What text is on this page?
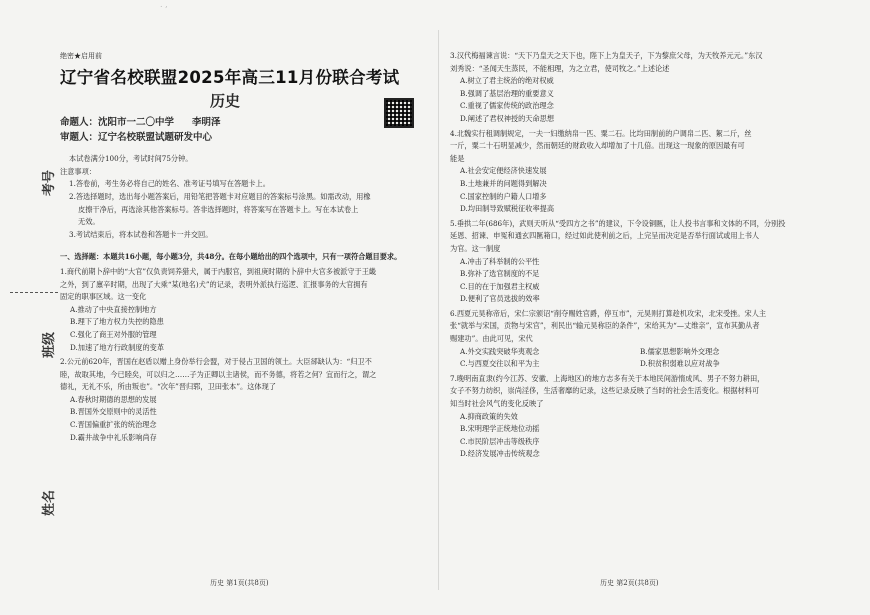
. ,
考号
班级
姓名
绝密★启用前
辽宁省名校联盟2025年高三11月份联合考试
历史
命题人：沈阳市一二〇中学 李明泽
审题人：辽宁名校联盟试题研发中心

本试卷满分100分，考试时间75分钟。

注意事项：

1.答卷前，考生务必将自己的姓名、准考证号填写在答题卡上。

2.答选择题时，选出每小题答案后，用铅笔把答题卡对应题目的答案标号涂黑。如需改动，用橡

皮擦干净后，再选涂其他答案标号。答非选择题时，将答案写在答题卡上。写在本试卷上

无效。

3.考试结束后，将本试卷和答题卡一并交回。

一、选择题：本题共16小题，每小题3分，共48分。在每小题给出的四个选项中，只有一项符合题目要求。

1.商代前期卜辞中的“大官”仅负责饲养猎犬，属于内服官，到祖庚时期的卜辞中大官多被派守于王畿

之外，到了廪辛时期，出现了大乘“某(地名)犬”的记录，表明外派执行巡逻、汇报事务的大官拥有

固定的职事区域。这一变化

A.推动了中央直接控制地方

B.理下了地方权力失控的隐患

C.强化了商王对外服的管理

D.加速了地方行政制度的变革

2.公元前620年，晋国在赵盾以赠上身份举行会盟，对于侵占卫国的领土。大臣郤缺认为：“归卫不

睦，故取其地，今已睦矣，可以归之……子为正卿以主诸侯，而不务德，将若之何？宜而行之，谓之

德礼，无礼不乐，所由叛也”。“次年”晋归郓，卫田张本”。这体现了

A.春秋时期德的思想的发展

B.晋国外交原则中的灵活性

C.晋国偏重扩张的统治理念

D.霸井战争中礼乐影响尚存

历史 第1页(共8页)

3.汉代梅福谏言说：“天下乃皇天之天下也，陛下上为皇天子，下为黎庶父母，为天牧养元元。”东汉

刘秀说：“圣闻天生蒸民，不能相理，为之立君，使司牧之。”上述论述

A.树立了君主统治的绝对权威

B.强调了基层治理的重要意义

C.重视了儒家传统的政治理念

D.阐述了君权神授的天命思想

4.北魏实行租调制规定，一夫一妇缴纳帛一匹、粟二石。比均田制前的户调帛二匹、絮二斤，丝

一斤，粟二十石明显减少，然而朝廷的财政收入却增加了十几倍。出现这一现象的原因最有可

能是

A.社会安定便经济快速发展

B.土地兼并的问题得到解决

C.国家控制的户籍人口增多

D.均田制导致赋税征收率提高

5.垂拱二年(686年)，武则天听从“受四方之书”的建议，下令设铜匦，让人投书言事和文体的不同，分别投

延恩、招谏、申冤和通玄四匦箱口，经过如此使利前之后，上完呈而决定是否举行面试或用上书人

为官。这一制度

A.冲击了科举制的公平性

B.弥补了选官制度的不足

C.目的在于加强君主权威

D.便利了官员选拔的效率

6.西夏元昊称帝后，宋仁宗颁诏“削夺赐姓官爵，停互市”，元昊则打算趁机攻宋，北宋受挫。宋人主

张“就举与宋国，贡物与宋官”，利民出“输元昊称臣的条件”，宋给其为“—丈维亲”，宣布其勤从者

赐建功”。由此可见，宋代

A.外交实践突破华夷观念	B.儒家思想影响外交理念
C.与西夏交往以和平为主	D.积贫积弱难以应对战争

7.晚明南直隶(约今江苏、安徽、上海地区)的地方志多有关于本地民间游惰成风、男子不努力耕田，

女子不努力纺织，崇尚淫侈，生活奢靡的记录，这些记录反映了当时的社会生活变化。根据材料可

知当时社会风气的变化反映了

A.抑商政策的失效

B.宋明理学正统地位动摇

C.市民阶层冲击等级秩序

D.经济发展冲击传统观念

历史 第2页(共8页)
